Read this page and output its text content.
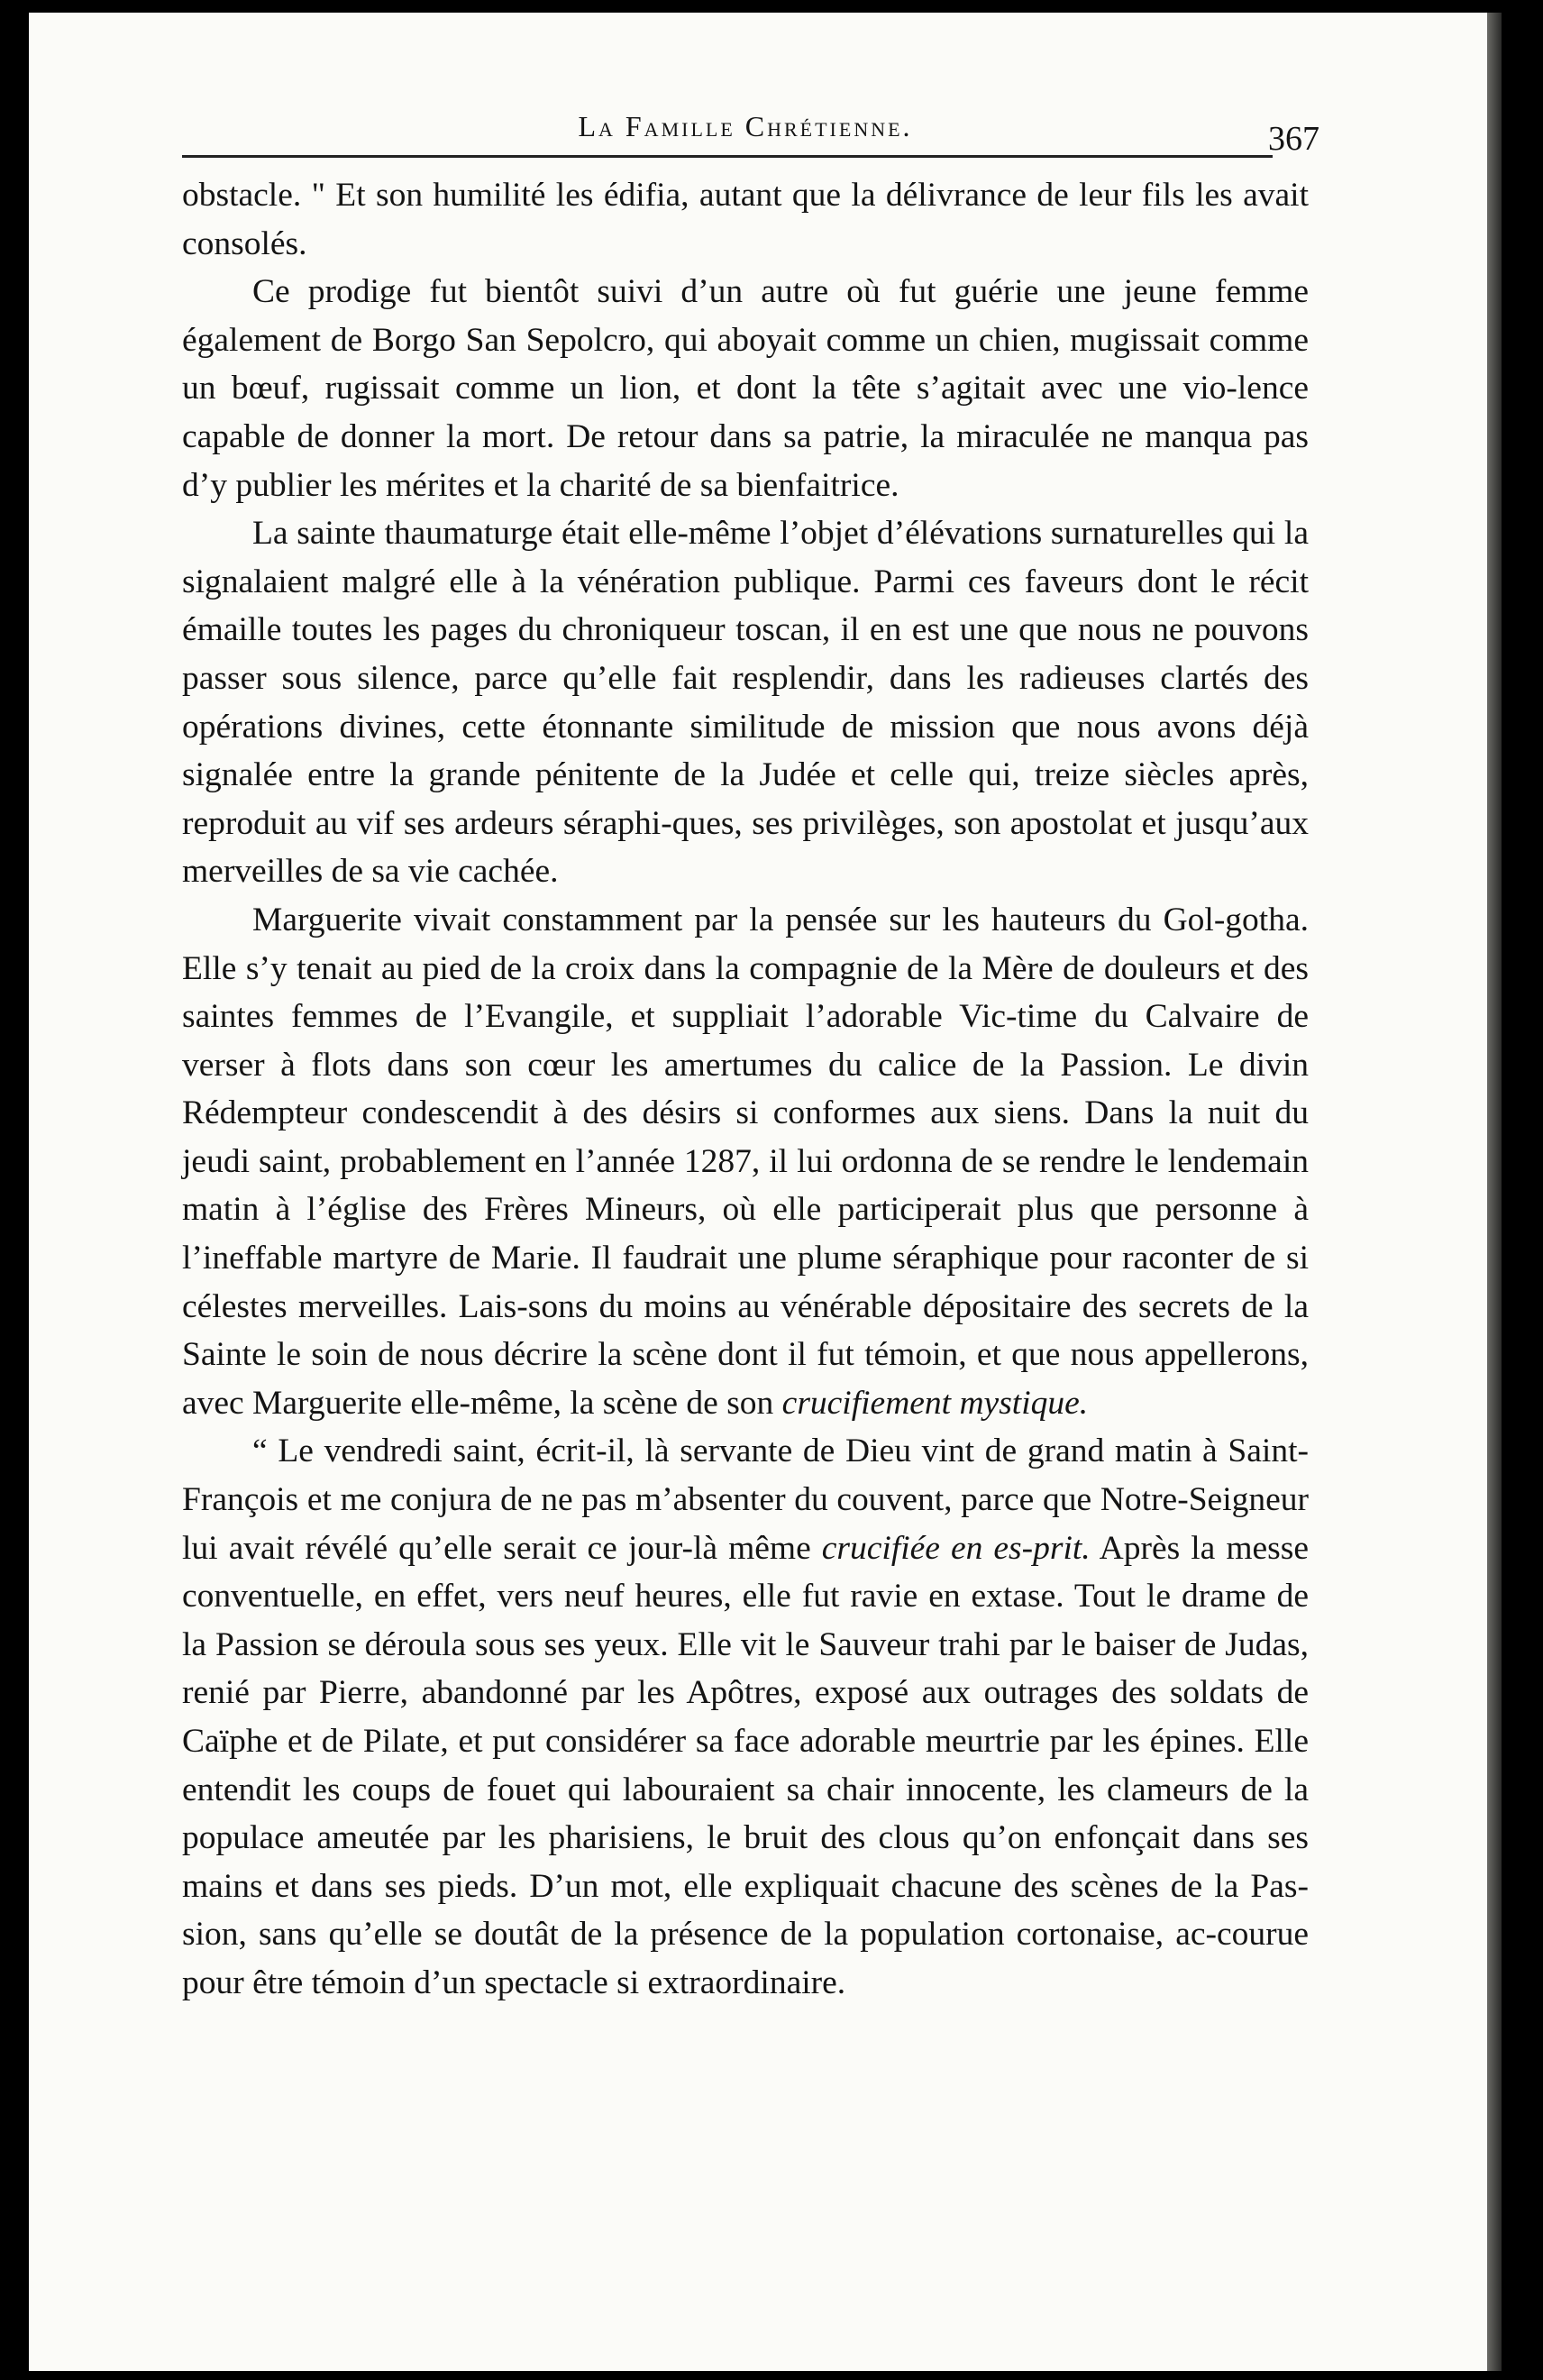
La Famille Chrétienne.	367

obstacle. " Et son humilité les édifia, autant que la délivrance de leur fils les avait consolés.

Ce prodige fut bientôt suivi d’un autre où fut guérie une jeune femme également de Borgo San Sepolcro, qui aboyait comme un chien, mugissait comme un bœuf, rugissait comme un lion, et dont la tête s’agitait avec une vio-lence capable de donner la mort. De retour dans sa patrie, la miraculée ne manqua pas d’y publier les mérites et la charité de sa bienfaitrice.

La sainte thaumaturge était elle-même l’objet d’élévations surnaturelles qui la signalaient malgré elle à la vénération publique. Parmi ces faveurs dont le récit émaille toutes les pages du chroniqueur toscan, il en est une que nous ne pouvons passer sous silence, parce qu’elle fait resplendir, dans les radieuses clartés des opérations divines, cette étonnante similitude de mission que nous avons déjà signalée entre la grande pénitente de la Judée et celle qui, treize siècles après, reproduit au vif ses ardeurs séraphi-ques, ses privilèges, son apostolat et jusqu’aux merveilles de sa vie cachée.

Marguerite vivait constamment par la pensée sur les hauteurs du Gol-gotha. Elle s’y tenait au pied de la croix dans la compagnie de la Mère de douleurs et des saintes femmes de l’Evangile, et suppliait l’adorable Vic-time du Calvaire de verser à flots dans son cœur les amertumes du calice de la Passion. Le divin Rédempteur condescendit à des désirs si conformes aux siens. Dans la nuit du jeudi saint, probablement en l’année 1287, il lui ordonna de se rendre le lendemain matin à l’église des Frères Mineurs, où elle participerait plus que personne à l’ineffable martyre de Marie. Il faudrait une plume séraphique pour raconter de si célestes merveilles. Lais-sons du moins au vénérable dépositaire des secrets de la Sainte le soin de nous décrire la scène dont il fut témoin, et que nous appellerons, avec Marguerite elle-même, la scène de son crucifiement mystique.

“ Le vendredi saint, écrit-il, là servante de Dieu vint de grand matin à Saint-François et me conjura de ne pas m’absenter du couvent, parce que Notre-Seigneur lui avait révélé qu’elle serait ce jour-là même crucifiée en es-prit. Après la messe conventuelle, en effet, vers neuf heures, elle fut ravie en extase. Tout le drame de la Passion se déroula sous ses yeux. Elle vit le Sauveur trahi par le baiser de Judas, renié par Pierre, abandonné par les Apôtres, exposé aux outrages des soldats de Caïphe et de Pilate, et put considérer sa face adorable meurtrie par les épines. Elle entendit les coups de fouet qui labouraient sa chair innocente, les clameurs de la populace ameutée par les pharisiens, le bruit des clous qu’on enfonçait dans ses mains et dans ses pieds. D’un mot, elle expliquait chacune des scènes de la Pas-sion, sans qu’elle se doutât de la présence de la population cortonaise, ac-courue pour être témoin d’un spectacle si extraordinaire.
